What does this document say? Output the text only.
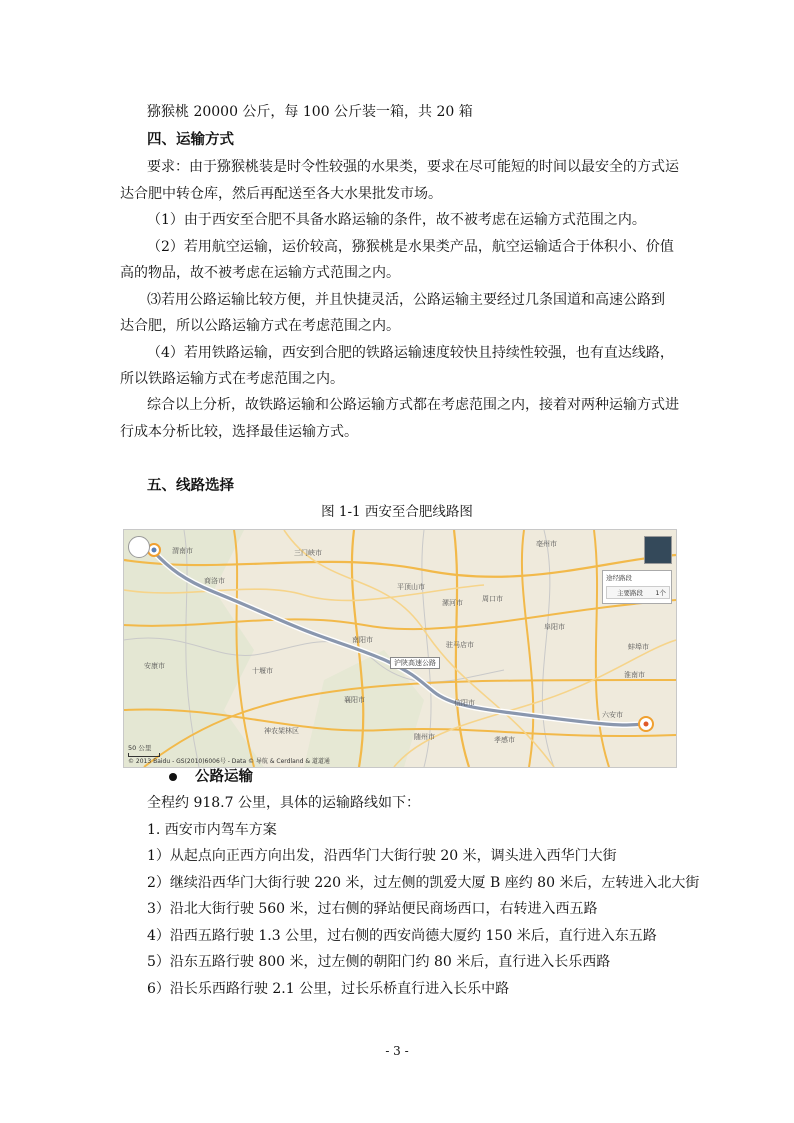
猕猴桃 20000 公斤，每 100 公斤装一箱，共 20 箱
四、运输方式
要求：由于猕猴桃装是时令性较强的水果类，要求在尽可能短的时间以最安全的方式运
达合肥中转仓库，然后再配送至各大水果批发市场。
（1）由于西安至合肥不具备水路运输的条件，故不被考虑在运输方式范围之内。
（2）若用航空运输，运价较高，猕猴桃是水果类产品，航空运输适合于体积小、价值
高的物品，故不被考虑在运输方式范围之内。
⑶若用公路运输比较方便，并且快捷灵活，公路运输主要经过几条国道和高速公路到
达合肥，所以公路运输方式在考虑范围之内。
（4）若用铁路运输，西安到合肥的铁路运输速度较快且持续性较强，也有直达线路，
所以铁路运输方式在考虑范围之内。
综合以上分析，故铁路运输和公路运输方式都在考虑范围之内，接着对两种运输方式进
行成本分析比较，选择最佳运输方式。
五、线路选择
图 1-1 西安至合肥线路图
渭南市
商洛市
三门峡市
平顶山市
漯河市	周口市
南阳市
驻马店市
信阳市
十堰市
襄阳市
安康市
随州市	孝感市
阜阳市
淮南市
六安市
神农架林区
亳州市
蚌埠市
沪陕高速公路
途经路段
主要路段 1个
50 公里
© 2013 Baidu - GS(2010)6006号 - Data © 导航 & Cerdland & 道道通
公路运输
全程约 918.7 公里，具体的运输路线如下：
1. 西安市内驾车方案
1）从起点向正西方向出发，沿西华门大街行驶 20 米，调头进入西华门大街
2）继续沿西华门大街行驶 220 米，过左侧的凯爱大厦 B 座约 80 米后，左转进入北大街
3）沿北大街行驶 560 米，过右侧的驿站便民商场西口，右转进入西五路
4）沿西五路行驶 1.3 公里，过右侧的西安尚德大厦约 150 米后，直行进入东五路
5）沿东五路行驶 800 米，过左侧的朝阳门约 80 米后，直行进入长乐西路
6）沿长乐西路行驶 2.1 公里，过长乐桥直行进入长乐中路
- 3 -
